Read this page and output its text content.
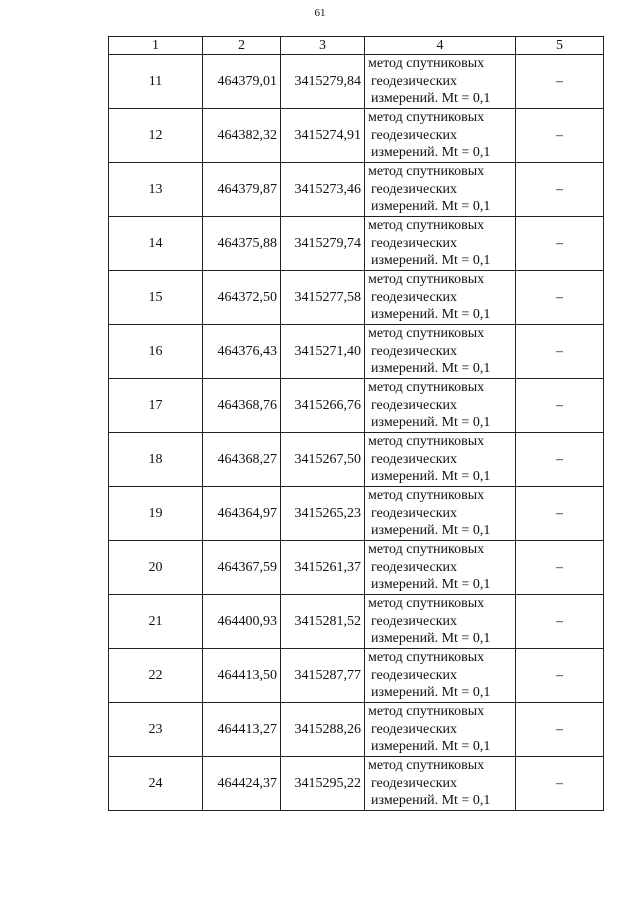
61
1	2	3	4	5
11	464379,01	3415279,84	метод спутниковых
геодезических
измерений. Mt = 0,1	–
12	464382,32	3415274,91	метод спутниковых
геодезических
измерений. Mt = 0,1	–
13	464379,87	3415273,46	метод спутниковых
геодезических
измерений. Mt = 0,1	–
14	464375,88	3415279,74	метод спутниковых
геодезических
измерений. Mt = 0,1	–
15	464372,50	3415277,58	метод спутниковых
геодезических
измерений. Mt = 0,1	–
16	464376,43	3415271,40	метод спутниковых
геодезических
измерений. Mt = 0,1	–
17	464368,76	3415266,76	метод спутниковых
геодезических
измерений. Mt = 0,1	–
18	464368,27	3415267,50	метод спутниковых
геодезических
измерений. Mt = 0,1	–
19	464364,97	3415265,23	метод спутниковых
геодезических
измерений. Mt = 0,1	–
20	464367,59	3415261,37	метод спутниковых
геодезических
измерений. Mt = 0,1	–
21	464400,93	3415281,52	метод спутниковых
геодезических
измерений. Mt = 0,1	–
22	464413,50	3415287,77	метод спутниковых
геодезических
измерений. Mt = 0,1	–
23	464413,27	3415288,26	метод спутниковых
геодезических
измерений. Mt = 0,1	–
24	464424,37	3415295,22	метод спутниковых
геодезических
измерений. Mt = 0,1	–
